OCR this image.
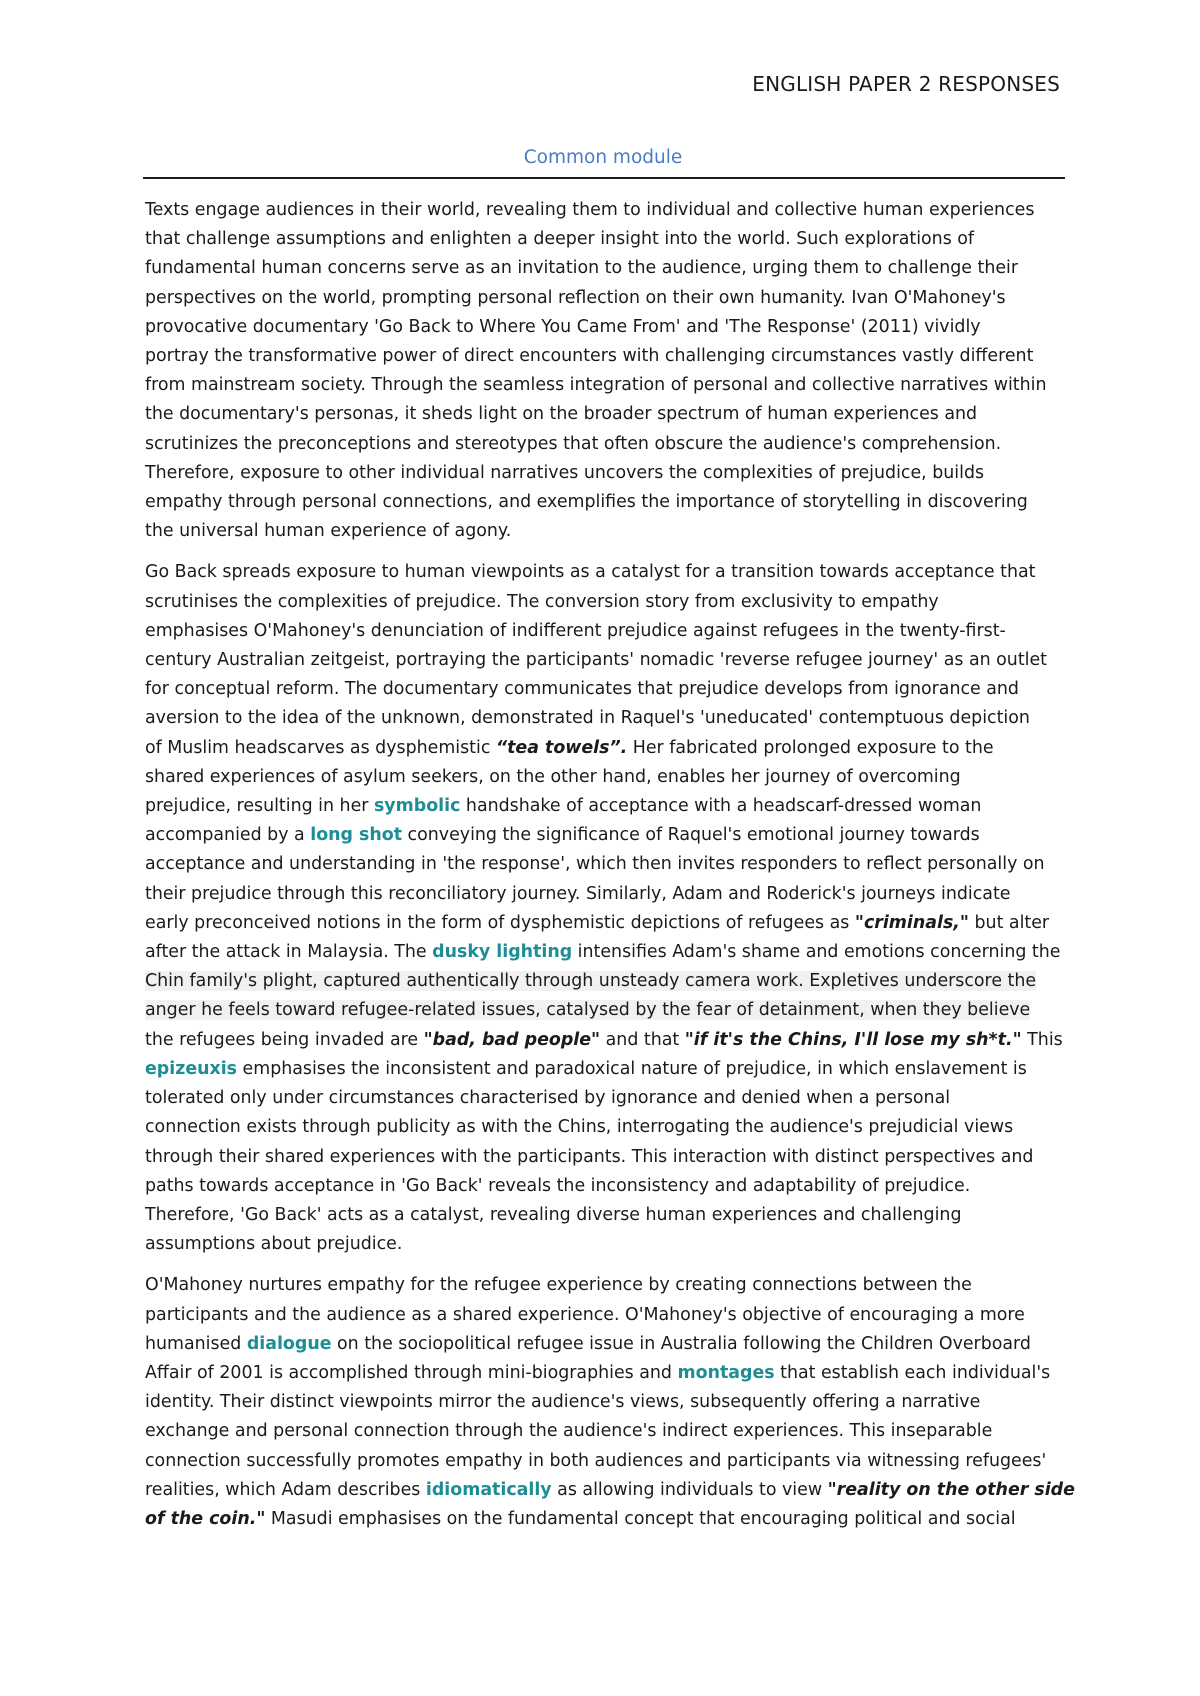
ENGLISH PAPER 2 RESPONSES
Common module
Texts engage audiences in their world, revealing them to individual and collective human experiences
that challenge assumptions and enlighten a deeper insight into the world. Such explorations of
fundamental human concerns serve as an invitation to the audience, urging them to challenge their
perspectives on the world, prompting personal reflection on their own humanity. Ivan O'Mahoney's
provocative documentary 'Go Back to Where You Came From' and 'The Response' (2011) vividly
portray the transformative power of direct encounters with challenging circumstances vastly different
from mainstream society. Through the seamless integration of personal and collective narratives within
the documentary's personas, it sheds light on the broader spectrum of human experiences and
scrutinizes the preconceptions and stereotypes that often obscure the audience's comprehension.
Therefore, exposure to other individual narratives uncovers the complexities of prejudice, builds
empathy through personal connections, and exemplifies the importance of storytelling in discovering
the universal human experience of agony.
Go Back spreads exposure to human viewpoints as a catalyst for a transition towards acceptance that
scrutinises the complexities of prejudice. The conversion story from exclusivity to empathy
emphasises O'Mahoney's denunciation of indifferent prejudice against refugees in the twenty-first-
century Australian zeitgeist, portraying the participants' nomadic 'reverse refugee journey' as an outlet
for conceptual reform. The documentary communicates that prejudice develops from ignorance and
aversion to the idea of the unknown, demonstrated in Raquel's 'uneducated' contemptuous depiction
of Muslim headscarves as dysphemistic “tea towels”. Her fabricated prolonged exposure to the
shared experiences of asylum seekers, on the other hand, enables her journey of overcoming
prejudice, resulting in her symbolic handshake of acceptance with a headscarf-dressed woman
accompanied by a long shot conveying the significance of Raquel's emotional journey towards
acceptance and understanding in 'the response', which then invites responders to reflect personally on
their prejudice through this reconciliatory journey. Similarly, Adam and Roderick's journeys indicate
early preconceived notions in the form of dysphemistic depictions of refugees as "criminals," but alter
after the attack in Malaysia. The dusky lighting intensifies Adam's shame and emotions concerning the
Chin family's plight, captured authentically through unsteady camera work. Expletives underscore the
anger he feels toward refugee-related issues, catalysed by the fear of detainment, when they believe
the refugees being invaded are "bad, bad people" and that "if it's the Chins, I'll lose my sh*t." This
epizeuxis emphasises the inconsistent and paradoxical nature of prejudice, in which enslavement is
tolerated only under circumstances characterised by ignorance and denied when a personal
connection exists through publicity as with the Chins, interrogating the audience's prejudicial views
through their shared experiences with the participants. This interaction with distinct perspectives and
paths towards acceptance in 'Go Back' reveals the inconsistency and adaptability of prejudice.
Therefore, 'Go Back' acts as a catalyst, revealing diverse human experiences and challenging
assumptions about prejudice.
O'Mahoney nurtures empathy for the refugee experience by creating connections between the
participants and the audience as a shared experience. O'Mahoney's objective of encouraging a more
humanised dialogue on the sociopolitical refugee issue in Australia following the Children Overboard
Affair of 2001 is accomplished through mini-biographies and montages that establish each individual's
identity. Their distinct viewpoints mirror the audience's views, subsequently offering a narrative
exchange and personal connection through the audience's indirect experiences. This inseparable
connection successfully promotes empathy in both audiences and participants via witnessing refugees'
realities, which Adam describes idiomatically as allowing individuals to view "reality on the other side
of the coin." Masudi emphasises on the fundamental concept that encouraging political and social
